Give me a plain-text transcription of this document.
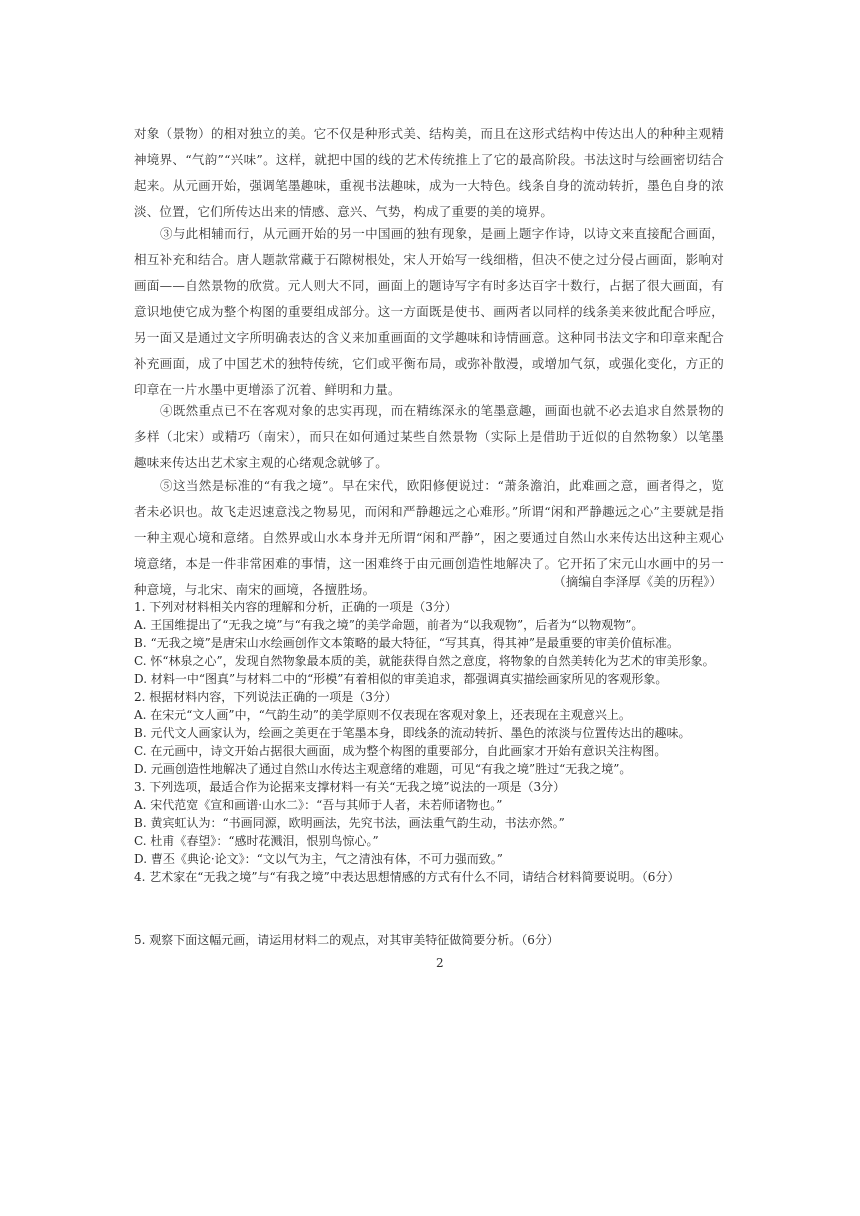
对象（景物）的相对独立的美。它不仅是种形式美、结构美，而且在这形式结构中传达出人的种种主观精神境界、“气韵”“兴味”。这样，就把中国的线的艺术传统推上了它的最高阶段。书法这时与绘画密切结合起来。从元画开始，强调笔墨趣味，重视书法趣味，成为一大特色。线条自身的流动转折，墨色自身的浓淡、位置，它们所传达出来的情感、意兴、气势，构成了重要的美的境界。
③与此相辅而行，从元画开始的另一中国画的独有现象，是画上题字作诗，以诗文来直接配合画面，相互补充和结合。唐人题款常藏于石隙树根处，宋人开始写一线细楷，但决不使之过分侵占画面，影响对画面——自然景物的欣赏。元人则大不同，画面上的题诗写字有时多达百字十数行，占据了很大画面，有意识地使它成为整个构图的重要组成部分。这一方面既是使书、画两者以同样的线条美来彼此配合呼应，另一面又是通过文字所明确表达的含义来加重画面的文学趣味和诗情画意。这种同书法文字和印章来配合补充画面，成了中国艺术的独特传统，它们或平衡布局，或弥补散漫，或增加气氛，或强化变化，方正的印章在一片水墨中更增添了沉着、鲜明和力量。
④既然重点已不在客观对象的忠实再现，而在精练深永的笔墨意趣，画面也就不必去追求自然景物的多样（北宋）或精巧（南宋），而只在如何通过某些自然景物（实际上是借助于近似的自然物象）以笔墨趣味来传达出艺术家主观的心绪观念就够了。
⑤这当然是标准的“有我之境”。早在宋代，欧阳修便说过：“萧条澹泊，此难画之意，画者得之，览者未必识也。故飞走迟速意浅之物易见，而闲和严静趣远之心难形。”所谓“闲和严静趣远之心”主要就是指一种主观心境和意绪。自然界或山水本身并无所谓“闲和严静”，困之要通过自然山水来传达出这种主观心境意绪，本是一件非常困难的事情，这一困难终于由元画创造性地解决了。它开拓了宋元山水画中的另一种意境，与北宋、南宋的画境，各擅胜场。
（摘编自李泽厚《美的历程》）
1. 下列对材料相关内容的理解和分析，正确的一项是（3分）
A. 王国维提出了“无我之境”与“有我之境”的美学命题，前者为“以我观物”，后者为“以物观物”。
B. “无我之境”是唐宋山水绘画创作文本策略的最大特征，“写其真，得其神”是最重要的审美价值标准。
C. 怀“林泉之心”，发现自然物象最本质的美，就能获得自然之意度，将物象的自然美转化为艺术的审美形象。
D. 材料一中“图真”与材料二中的“形模”有着相似的审美追求，都强调真实描绘画家所见的客观形象。
2. 根据材料内容，下列说法正确的一项是（3分）
A. 在宋元“文人画”中，“气韵生动”的美学原则不仅表现在客观对象上，还表现在主观意兴上。
B. 元代文人画家认为，绘画之美更在于笔墨本身，即线条的流动转折、墨色的浓淡与位置传达出的趣味。
C. 在元画中，诗文开始占据很大画面，成为整个构图的重要部分，自此画家才开始有意识关注构图。
D. 元画创造性地解决了通过自然山水传达主观意绪的难题，可见“有我之境”胜过“无我之境”。
3. 下列选项，最适合作为论据来支撑材料一有关“无我之境”说法的一项是（3分）
A. 宋代范宽《宣和画谱·山水二》：“吾与其师于人者，未若师诸物也。”
B. 黄宾虹认为：“书画同源，欧明画法，先究书法，画法重气韵生动，书法亦然。”
C. 杜甫《春望》：“感时花溅泪，恨别鸟惊心。”
D. 曹丕《典论·论文》：“文以气为主，气之清浊有体，不可力强而致。”
4. 艺术家在“无我之境”与“有我之境”中表达思想情感的方式有什么不同，请结合材料简要说明。（6分）
5. 观察下面这幅元画，请运用材料二的观点，对其审美特征做简要分析。（6分）
2
